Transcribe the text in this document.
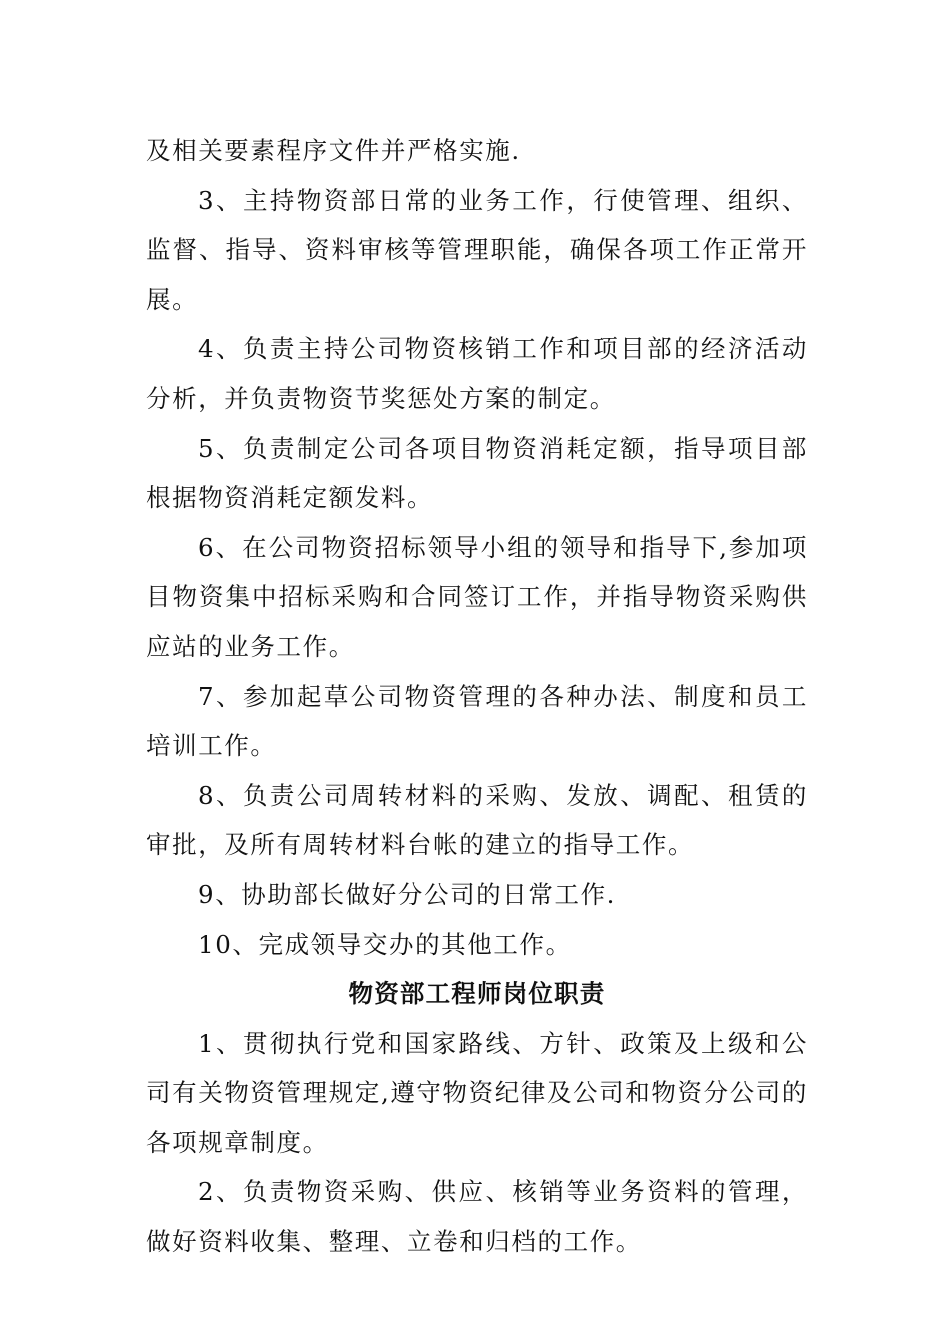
及相关要素程序文件并严格实施.

3、主持物资部日常的业务工作，行使管理、组织、监督、指导、资料审核等管理职能，确保各项工作正常开展。

4、负责主持公司物资核销工作和项目部的经济活动分析，并负责物资节奖惩处方案的制定。

5、负责制定公司各项目物资消耗定额，指导项目部根据物资消耗定额发料。

6、在公司物资招标领导小组的领导和指导下,参加项目物资集中招标采购和合同签订工作，并指导物资采购供应站的业务工作。

7、参加起草公司物资管理的各种办法、制度和员工培训工作。

8、负责公司周转材料的采购、发放、调配、租赁的审批，及所有周转材料台帐的建立的指导工作。

9、协助部长做好分公司的日常工作.

10、完成领导交办的其他工作。

物资部工程师岗位职责

1、贯彻执行党和国家路线、方针、政策及上级和公司有关物资管理规定,遵守物资纪律及公司和物资分公司的各项规章制度。

2、负责物资采购、供应、核销等业务资料的管理，做好资料收集、整理、立卷和归档的工作。
